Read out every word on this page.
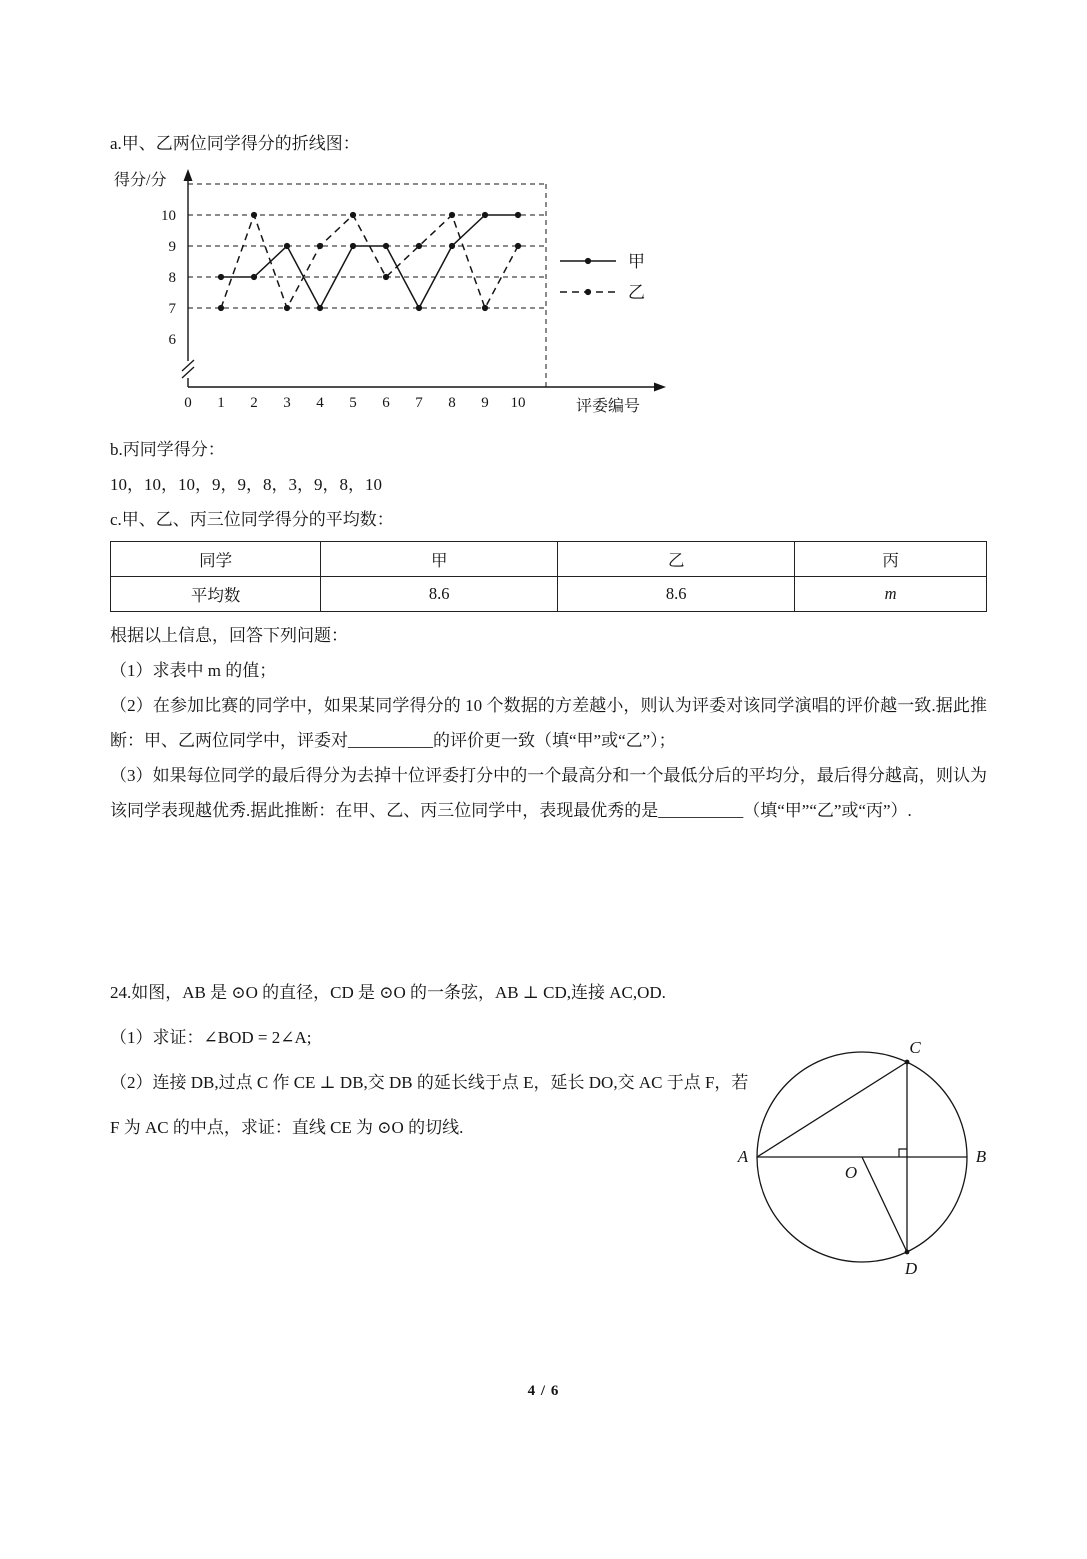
a.甲、乙两位同学得分的折线图：

6
7
8
9
10
0 1 2 3 4 5 6 7 8 9 10
得分/分
评委编号
甲
乙

b.丙同学得分：

10，10，10，9，9，8，3，9，8，10

c.甲、乙、丙三位同学得分的平均数：

同学	甲	乙	丙
平均数	8.6	8.6	m

根据以上信息，回答下列问题：

（1）求表中 m 的值；

（2）在参加比赛的同学中，如果某同学得分的 10 个数据的方差越小，则认为评委对该同学演唱的评价越一致.据此推断：甲、乙两位同学中，评委对__________的评价更一致（填“甲”或“乙”）；

（3）如果每位同学的最后得分为去掉十位评委打分中的一个最高分和一个最低分后的平均分，最后得分越高，则认为该同学表现越优秀.据此推断：在甲、乙、丙三位同学中，表现最优秀的是__________（填“甲”“乙”或“丙”）.

24.如图，AB 是 ⊙O 的直径，CD 是 ⊙O 的一条弦，AB ⊥ CD,连接 AC,OD.

A	B
C
D
O

（1）求证：∠BOD = 2∠A;

（2）连接 DB,过点 C 作 CE ⊥ DB,交 DB 的延长线于点 E，延长 DO,交 AC 于点 F，若 F 为 AC 的中点，求证：直线 CE 为 ⊙O 的切线.

4 / 6
